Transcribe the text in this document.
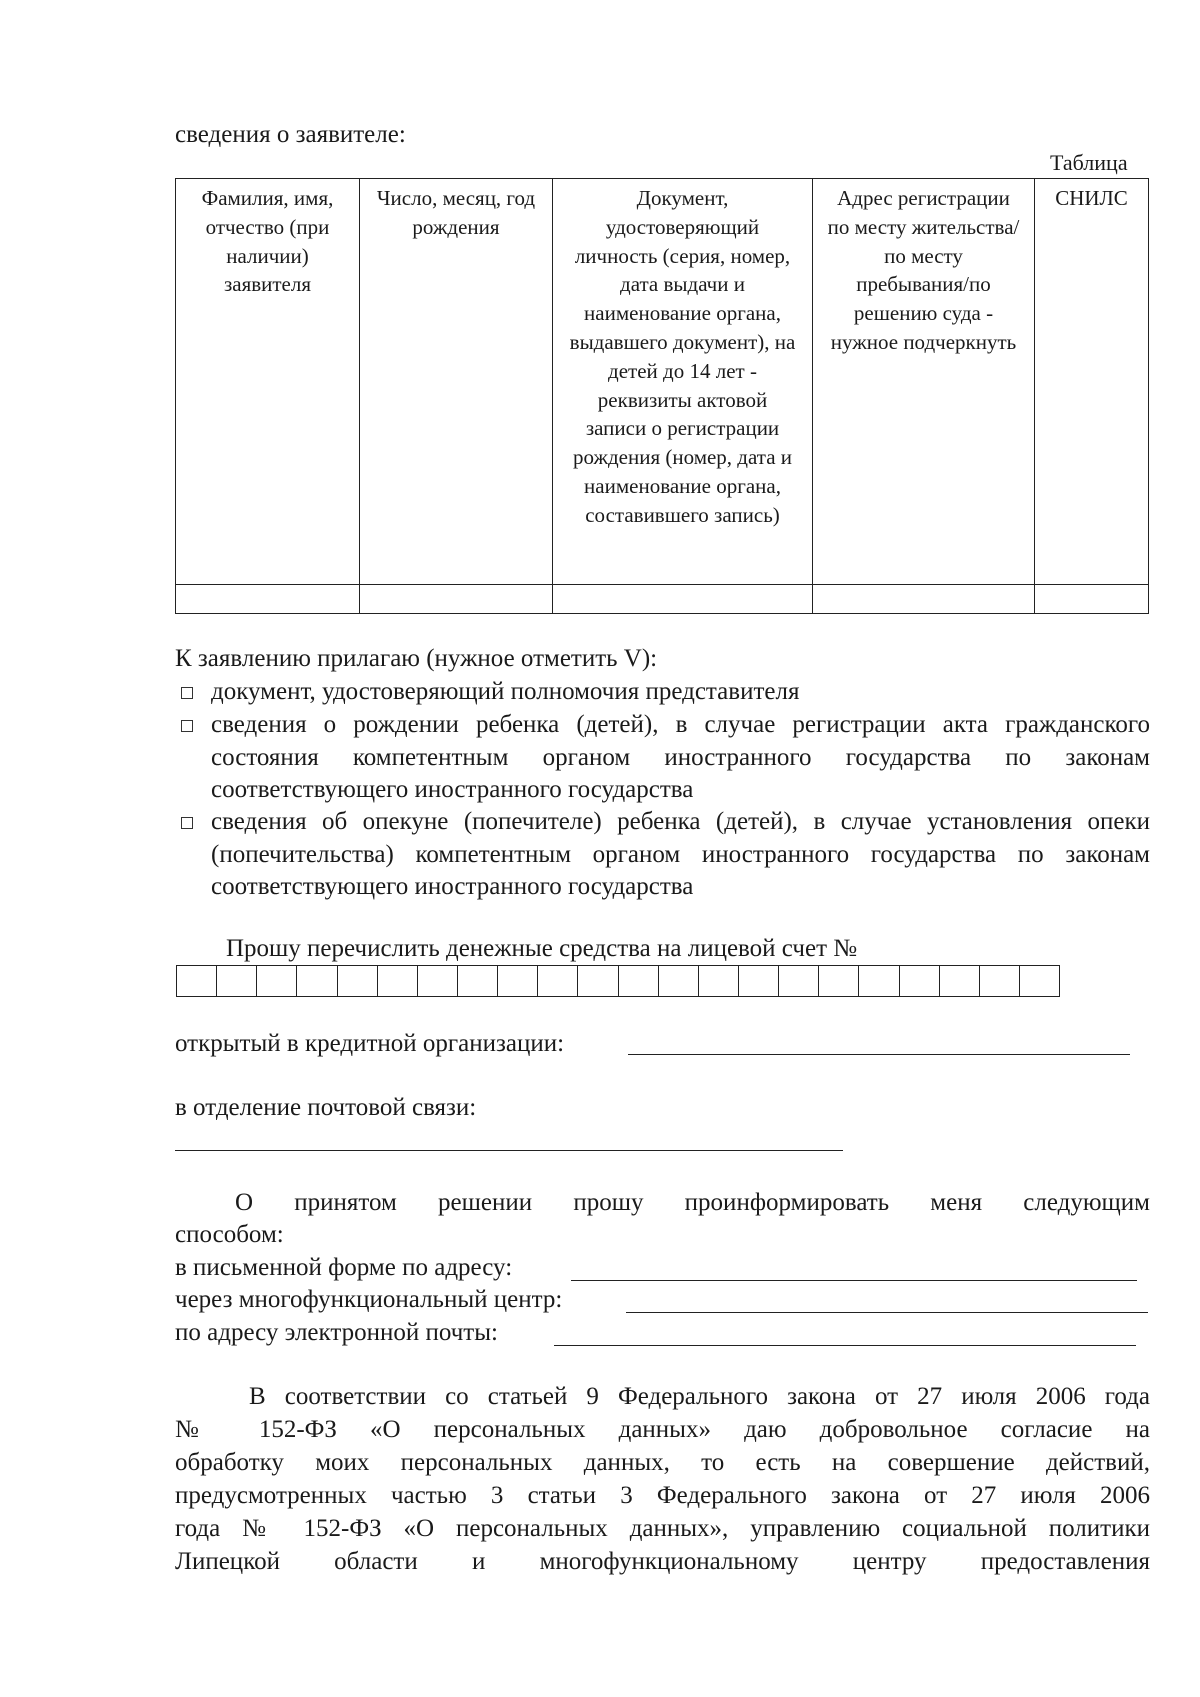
сведения о заявителе:
Таблица
Фамилия, имя, отчество (при наличии) заявителя	Число, месяц, год рождения	Документ, удостоверяющий личность (серия, номер, дата выдачи и наименование органа, выдавшего документ), на детей до 14 лет - реквизиты актовой записи о регистрации рождения (номер, дата и наименование органа, составившего запись)	Адрес регистрации по месту жительства/по месту пребывания/по решению суда - нужное подчеркнуть	СНИЛС

К заявлению прилагаю (нужное отметить V):
документ, удостоверяющий полномочия представителя
сведения о рождении ребенка (детей), в случае регистрации акта гражданского состояния компетентным органом иностранного государства по законам соответствующего иностранного государства
сведения об опекуне (попечителе) ребенка (детей), в случае установления опеки (попечительства) компетентным органом иностранного государства по законам соответствующего иностранного государства
Прошу перечислить денежные средства на лицевой счет №
открытый в кредитной организации:
в отделение почтовой связи:
О принятом решении прошу проинформировать меня следующим
способом:
в письменной форме по адресу:
через многофункциональный центр:
по адресу электронной почты:
В соответствии со статьей 9 Федерального закона от 27 июля 2006 года
№ 152-ФЗ «О персональных данных» даю добровольное согласие на
обработку моих персональных данных, то есть на совершение действий,
предусмотренных частью 3 статьи 3 Федерального закона от 27 июля 2006
года № 152-ФЗ «О персональных данных», управлению социальной политики
Липецкой области и многофункциональному центру предоставления
